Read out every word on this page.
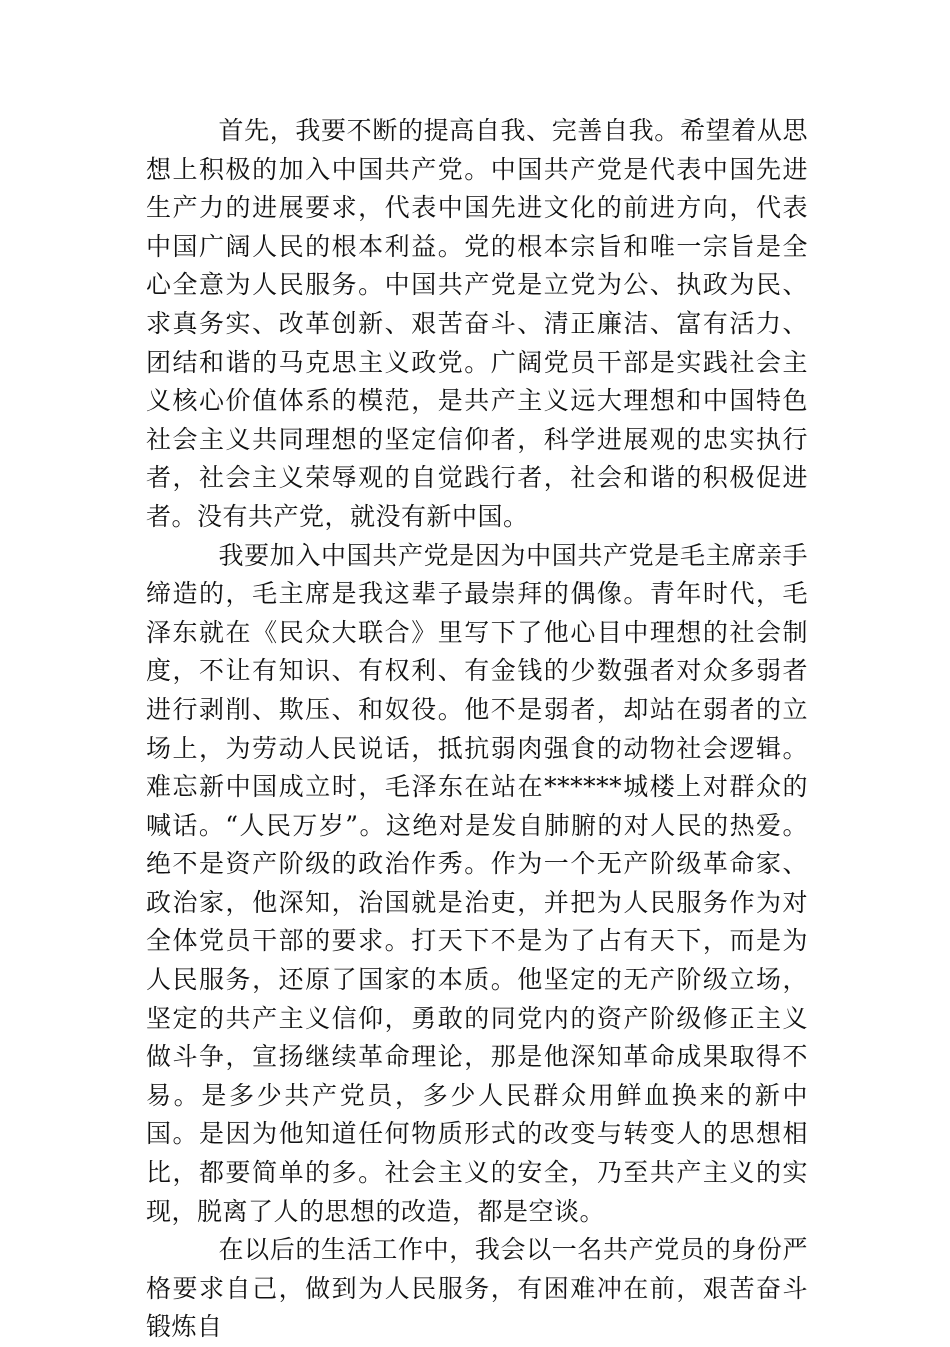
首先，我要不断的提高自我、完善自我。希望着从思想上积极的加入中国共产党。中国共产党是代表中国先进生产力的进展要求，代表中国先进文化的前进方向，代表中国广阔人民的根本利益。党的根本宗旨和唯一宗旨是全心全意为人民服务。中国共产党是立党为公、执政为民、求真务实、改革创新、艰苦奋斗、清正廉洁、富有活力、团结和谐的马克思主义政党。广阔党员干部是实践社会主义核心价值体系的模范，是共产主义远大理想和中国特色社会主义共同理想的坚定信仰者，科学进展观的忠实执行者，社会主义荣辱观的自觉践行者，社会和谐的积极促进者。没有共产党，就没有新中国。

我要加入中国共产党是因为中国共产党是毛主席亲手缔造的，毛主席是我这辈子最崇拜的偶像。青年时代，毛泽东就在《民众大联合》里写下了他心目中理想的社会制度，不让有知识、有权利、有金钱的少数强者对众多弱者进行剥削、欺压、和奴役。他不是弱者，却站在弱者的立场上，为劳动人民说话，抵抗弱肉强食的动物社会逻辑。难忘新中国成立时，毛泽东在站在******城楼上对群众的喊话。“人民万岁”。这绝对是发自肺腑的对人民的热爱。绝不是资产阶级的政治作秀。作为一个无产阶级革命家、政治家，他深知，治国就是治吏，并把为人民服务作为对全体党员干部的要求。打天下不是为了占有天下，而是为人民服务，还原了国家的本质。他坚定的无产阶级立场，坚定的共产主义信仰，勇敢的同党内的资产阶级修正主义做斗争，宣扬继续革命理论，那是他深知革命成果取得不易。是多少共产党员，多少人民群众用鲜血换来的新中国。是因为他知道任何物质形式的改变与转变人的思想相比，都要简单的多。社会主义的安全，乃至共产主义的实现，脱离了人的思想的改造，都是空谈。

在以后的生活工作中，我会以一名共产党员的身份严格要求自己，做到为人民服务，有困难冲在前，艰苦奋斗锻炼自
